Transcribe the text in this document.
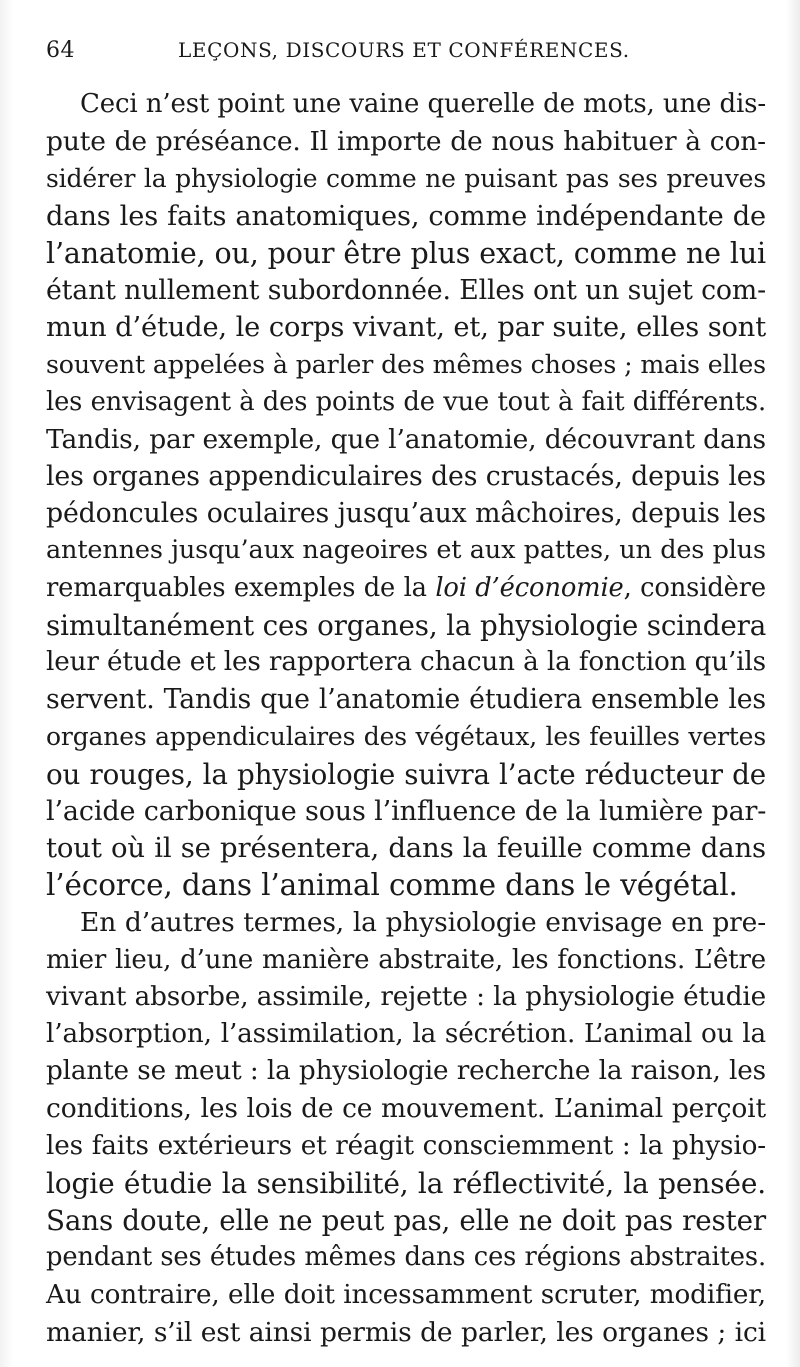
64	LEÇONS, DISCOURS ET CONFÉRENCES.
Ceci n’est point une vaine querelle de mots, une dis-
pute de préséance. Il importe de nous habituer à con-
sidérer la physiologie comme ne puisant pas ses preuves
dans les faits anatomiques, comme indépendante de
l’anatomie, ou, pour être plus exact, comme ne lui
étant nullement subordonnée. Elles ont un sujet com-
mun d’étude, le corps vivant, et, par suite, elles sont
souvent appelées à parler des mêmes choses ; mais elles
les envisagent à des points de vue tout à fait différents.
Tandis, par exemple, que l’anatomie, découvrant dans
les organes appendiculaires des crustacés, depuis les
pédoncules oculaires jusqu’aux mâchoires, depuis les
antennes jusqu’aux nageoires et aux pattes, un des plus
remarquables exemples de la loi d’économie, considère
simultanément ces organes, la physiologie scindera
leur étude et les rapportera chacun à la fonction qu’ils
servent. Tandis que l’anatomie étudiera ensemble les
organes appendiculaires des végétaux, les feuilles vertes
ou rouges, la physiologie suivra l’acte réducteur de
l’acide carbonique sous l’influence de la lumière par-
tout où il se présentera, dans la feuille comme dans
l’écorce, dans l’animal comme dans le végétal.
En d’autres termes, la physiologie envisage en pre-
mier lieu, d’une manière abstraite, les fonctions. L’être
vivant absorbe, assimile, rejette : la physiologie étudie
l’absorption, l’assimilation, la sécrétion. L’animal ou la
plante se meut : la physiologie recherche la raison, les
conditions, les lois de ce mouvement. L’animal perçoit
les faits extérieurs et réagit consciemment : la physio-
logie étudie la sensibilité, la réflectivité, la pensée.
Sans doute, elle ne peut pas, elle ne doit pas rester
pendant ses études mêmes dans ces régions abstraites.
Au contraire, elle doit incessamment scruter, modifier,
manier, s’il est ainsi permis de parler, les organes ; ici
